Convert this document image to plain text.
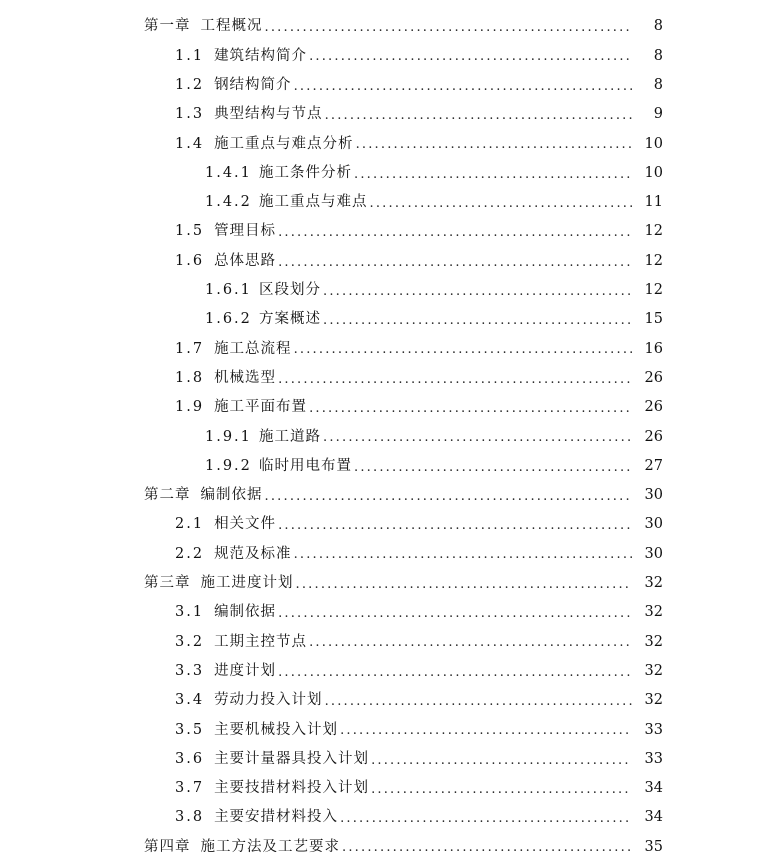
第一章 工程概况 .....	8
1.1 建筑结构简介 .....	8
1.2 钢结构简介 .....	8
1.3 典型结构与节点 .....	9
1.4 施工重点与难点分析 .....	10
1.4.1 施工条件分析 .....	10
1.4.2 施工重点与难点 .....	11
1.5 管理目标 .....	12
1.6 总体思路 .....	12
1.6.1 区段划分 .....	12
1.6.2 方案概述 .....	15
1.7 施工总流程 .....	16
1.8 机械选型 .....	26
1.9 施工平面布置 .....	26
1.9.1 施工道路 .....	26
1.9.2 临时用电布置 .....	27
第二章 编制依据 .....	30
2.1 相关文件 .....	30
2.2 规范及标准 .....	30
第三章 施工进度计划 .....	32
3.1 编制依据 .....	32
3.2 工期主控节点 .....	32
3.3 进度计划 .....	32
3.4 劳动力投入计划 .....	32
3.5 主要机械投入计划 .....	33
3.6 主要计量器具投入计划 .....	33
3.7 主要技措材料投入计划 .....	34
3.8 主要安措材料投入 .....	34
第四章 施工方法及工艺要求 .....	35
